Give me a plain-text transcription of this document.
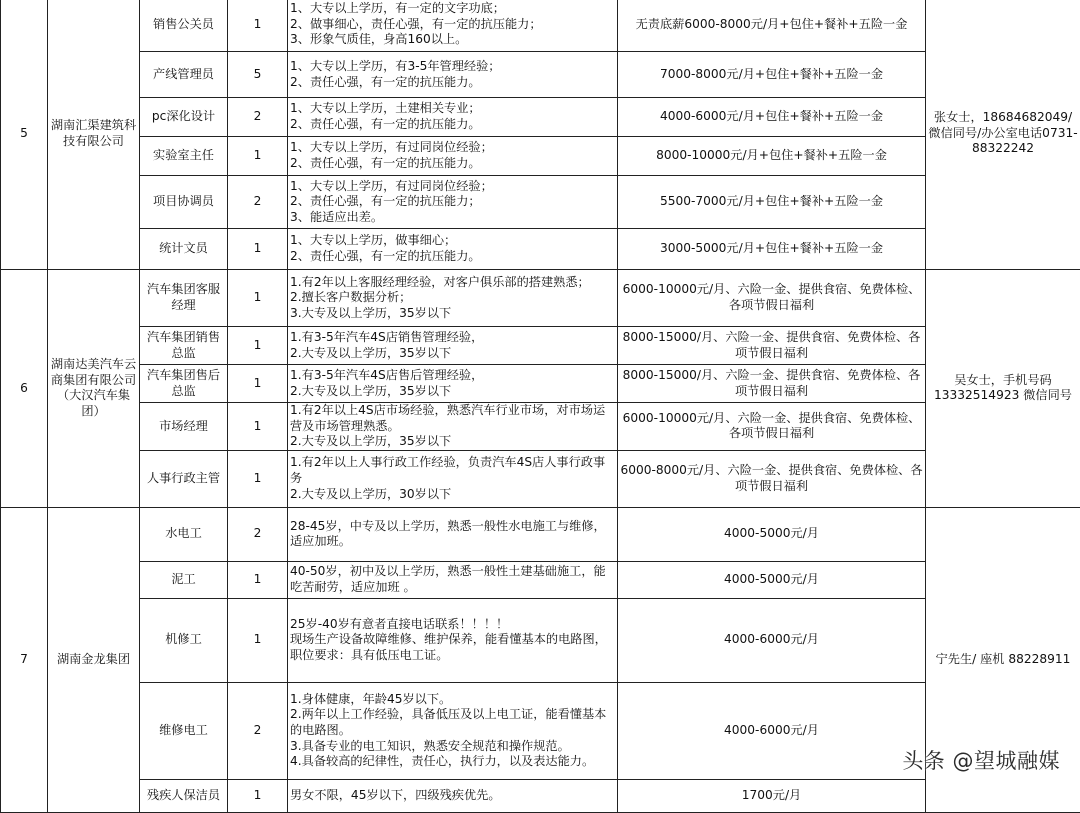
5	湖南汇渠建筑科技有限公司	销售公关员	1	1、大专以上学历，有一定的文字功底；
2、做事细心，责任心强，有一定的抗压能力；
3、形象气质佳，身高160以上。	无责底薪6000-8000元/月+包住+餐补+五险一金	张女士，18684682049/微信同号/办公室电话0731-88322242
		产线管理员	5	1、大专以上学历，有3-5年管理经验；
2、责任心强，有一定的抗压能力。	7000-8000元/月+包住+餐补+五险一金	
		pc深化设计	2	1、大专以上学历，土建相关专业；
2、责任心强，有一定的抗压能力。	4000-6000元/月+包住+餐补+五险一金	
		实验室主任	1	1、大专以上学历，有过同岗位经验；
2、责任心强，有一定的抗压能力。	8000-10000元/月+包住+餐补+五险一金	
		项目协调员	2	1、大专以上学历，有过同岗位经验；
2、责任心强，有一定的抗压能力；
3、能适应出差。	5500-7000元/月+包住+餐补+五险一金	
		统计文员	1	1、大专以上学历，做事细心；
2、责任心强，有一定的抗压能力。	3000-5000元/月+包住+餐补+五险一金	
6	湖南达美汽车云商集团有限公司（大汉汽车集团）	汽车集团客服经理	1	1.有2年以上客服经理经验，对客户俱乐部的搭建熟悉；
2.擅长客户数据分析；
3.大专及以上学历，35岁以下	6000-10000元/月、六险一金、提供食宿、免费体检、各项节假日福利	吴女士，手机号码13332514923 微信同号
		汽车集团销售总监	1	1.有3-5年汽车4S店销售管理经验，
2.大专及以上学历，35岁以下	8000-15000/月、六险一金、提供食宿、免费体检、各项节假日福利	
		汽车集团售后总监	1	1.有3-5年汽车4S店售后管理经验，
2.大专及以上学历，35岁以下	8000-15000/月、六险一金、提供食宿、免费体检、各项节假日福利	
		市场经理	1	1.有2年以上4S店市场经验，熟悉汽车行业市场，对市场运营及市场管理熟悉。
2.大专及以上学历，35岁以下	6000-10000元/月、六险一金、提供食宿、免费体检、各项节假日福利	
		人事行政主管	1	1.有2年以上人事行政工作经验，负责汽车4S店人事行政事务
2.大专及以上学历，30岁以下	6000-8000元/月、六险一金、提供食宿、免费体检、各项节假日福利	
7	湖南金龙集团	水电工	2	28-45岁，中专及以上学历，熟悉一般性水电施工与维修，适应加班。	4000-5000元/月	宁先生/ 座机 88228911
		泥工	1	40-50岁，初中及以上学历，熟悉一般性土建基础施工，能吃苦耐劳，适应加班 。	4000-5000元/月	
		机修工	1	25岁-40岁有意者直接电话联系！！！！
现场生产设备故障维修、维护保养，能看懂基本的电路图，
职位要求：具有低压电工证。	4000-6000元/月	
		维修电工	2	1.身体健康，年龄45岁以下。
2.两年以上工作经验，具备低压及以上电工证，能看懂基本的电路图。
3.具备专业的电工知识，熟悉安全规范和操作规范。
4.具备较高的纪律性，责任心，执行力，以及表达能力。	4000-6000元/月	
		残疾人保洁员	1	男女不限，45岁以下，四级残疾优先。	1700元/月	
头条 @望城融媒
